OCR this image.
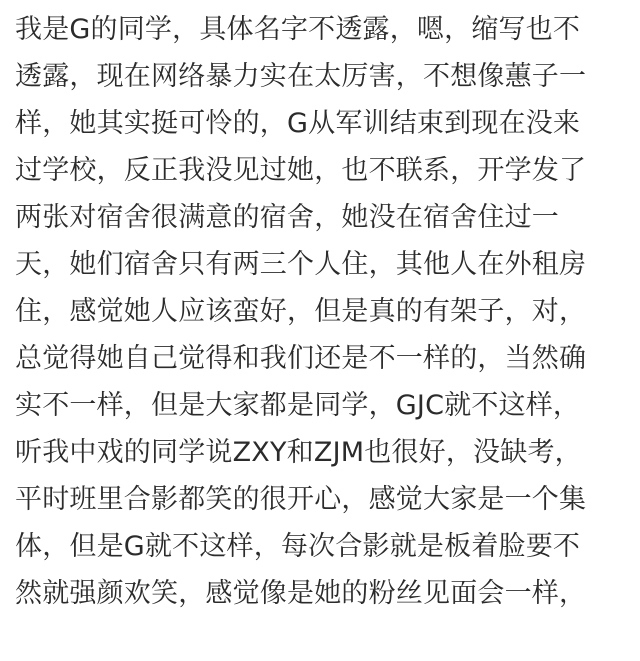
我是G的同学，具体名字不透露，嗯，缩写也不
透露，现在网络暴力实在太厉害，不想像蕙子一
样，她其实挺可怜的，G从军训结束到现在没来
过学校，反正我没见过她，也不联系，开学发了
两张对宿舍很满意的宿舍，她没在宿舍住过一
天，她们宿舍只有两三个人住，其他人在外租房
住，感觉她人应该蛮好，但是真的有架子，对，
总觉得她自己觉得和我们还是不一样的，当然确
实不一样，但是大家都是同学，GJC就不这样，
听我中戏的同学说ZXY和ZJM也很好，没缺考，
平时班里合影都笑的很开心，感觉大家是一个集
体，但是G就不这样，每次合影就是板着脸要不
然就强颜欢笑，感觉像是她的粉丝见面会一样，
